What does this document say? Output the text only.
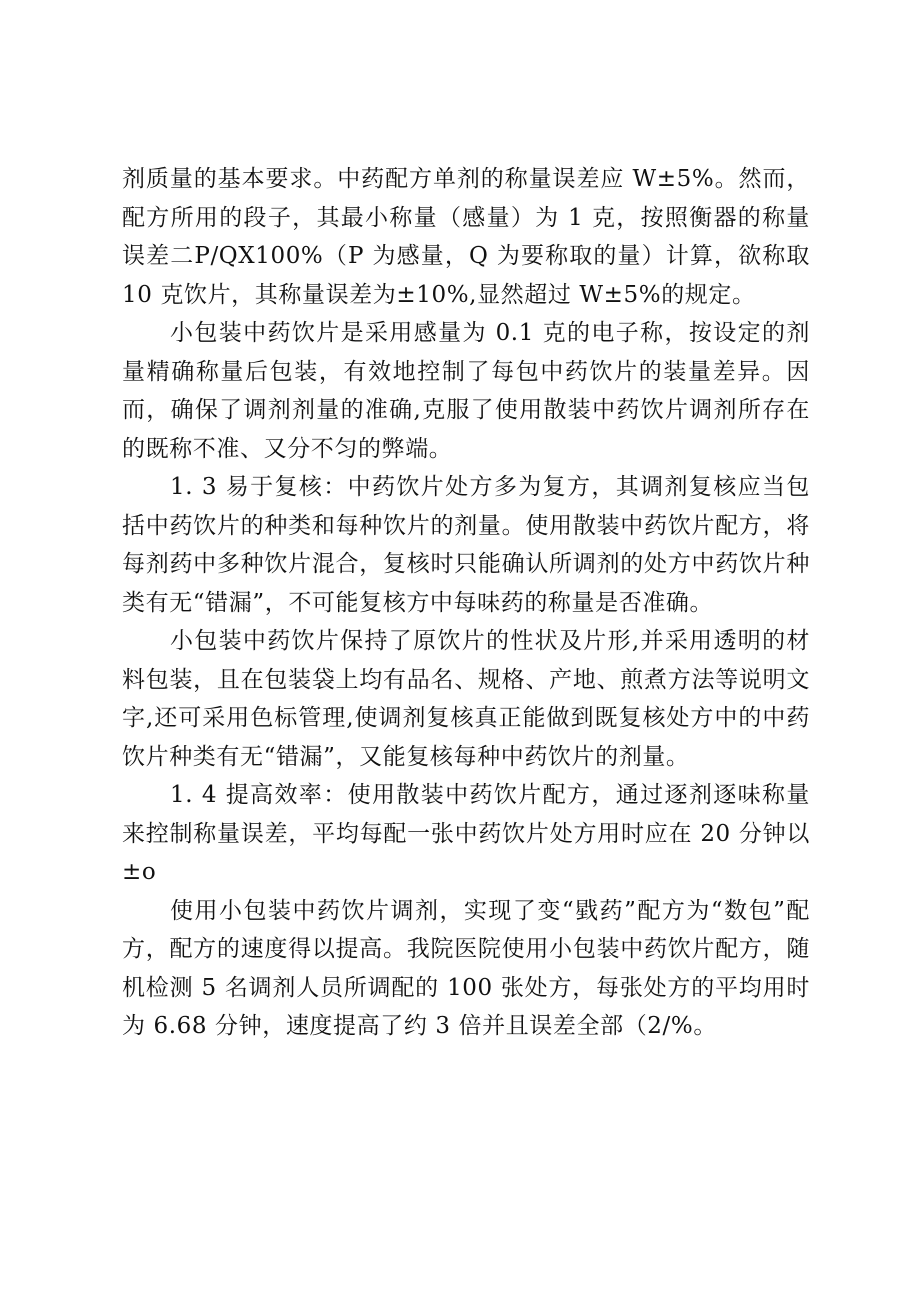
剂质量的基本要求。中药配方单剂的称量误差应 W±5%。然而，配方所用的段子，其最小称量（感量）为 1 克，按照衡器的称量误差二P/QX100%（P 为感量，Q 为要称取的量）计算，欲称取 10 克饮片，其称量误差为±10%,显然超过 W±5%的规定。

小包装中药饮片是采用感量为 0.1 克的电子称，按设定的剂量精确称量后包装，有效地控制了每包中药饮片的装量差异。因而，确保了调剂剂量的准确,克服了使用散装中药饮片调剂所存在的既称不准、又分不匀的弊端。

1. 3 易于复核：中药饮片处方多为复方，其调剂复核应当包括中药饮片的种类和每种饮片的剂量。使用散装中药饮片配方，将每剂药中多种饮片混合，复核时只能确认所调剂的处方中药饮片种类有无“错漏”，不可能复核方中每味药的称量是否准确。

小包装中药饮片保持了原饮片的性状及片形,并采用透明的材料包装，且在包装袋上均有品名、规格、产地、煎煮方法等说明文字,还可采用色标管理,使调剂复核真正能做到既复核处方中的中药饮片种类有无“错漏”，又能复核每种中药饮片的剂量。

1. 4 提高效率：使用散装中药饮片配方，通过逐剂逐味称量来控制称量误差，平均每配一张中药饮片处方用时应在 20 分钟以±o

使用小包装中药饮片调剂，实现了变“戥药”配方为“数包”配方，配方的速度得以提高。我院医院使用小包装中药饮片配方，随机检测 5 名调剂人员所调配的 100 张处方，每张处方的平均用时为 6.68 分钟，速度提高了约 3 倍并且误差全部（2/%。
